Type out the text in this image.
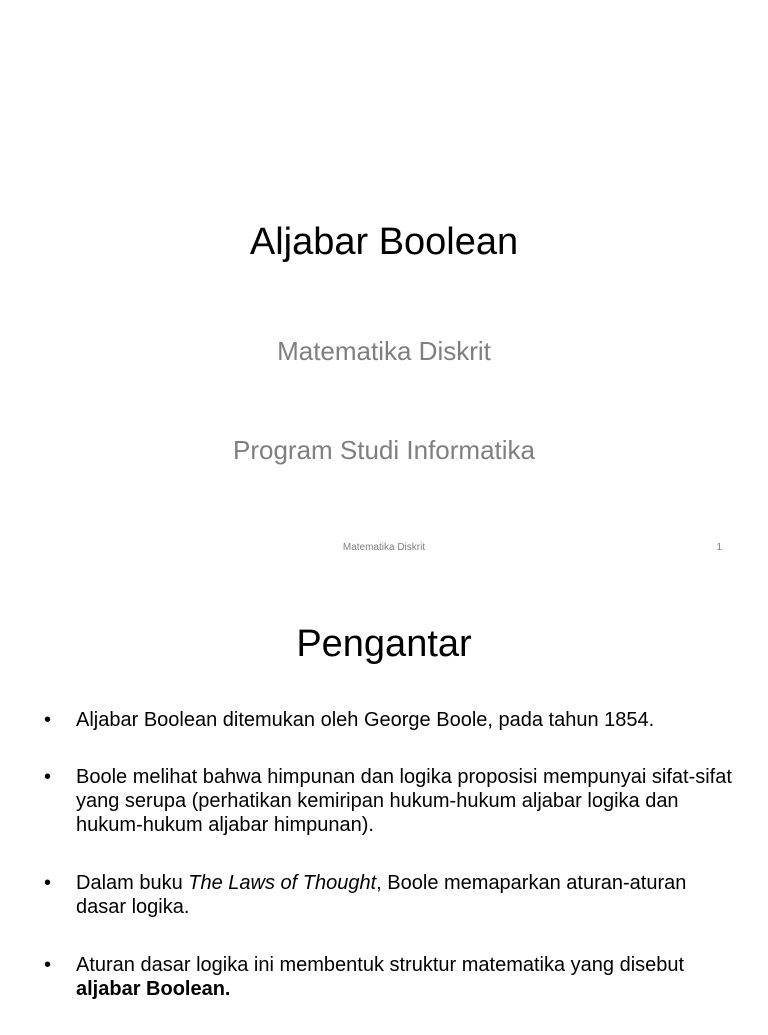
Aljabar Boolean
Matematika Diskrit
Program Studi Informatika
Matematika Diskrit	1
Pengantar
•	Aljabar Boolean ditemukan oleh George Boole, pada tahun 1854.
•	Boole melihat bahwa himpunan dan logika proposisi mempunyai sifat-sifat yang serupa (perhatikan kemiripan hukum-hukum aljabar logika dan hukum-hukum aljabar himpunan).
•	Dalam buku The Laws of Thought, Boole memaparkan aturan-aturan dasar logika.
•	Aturan dasar logika ini membentuk struktur matematika yang disebut aljabar Boolean.
